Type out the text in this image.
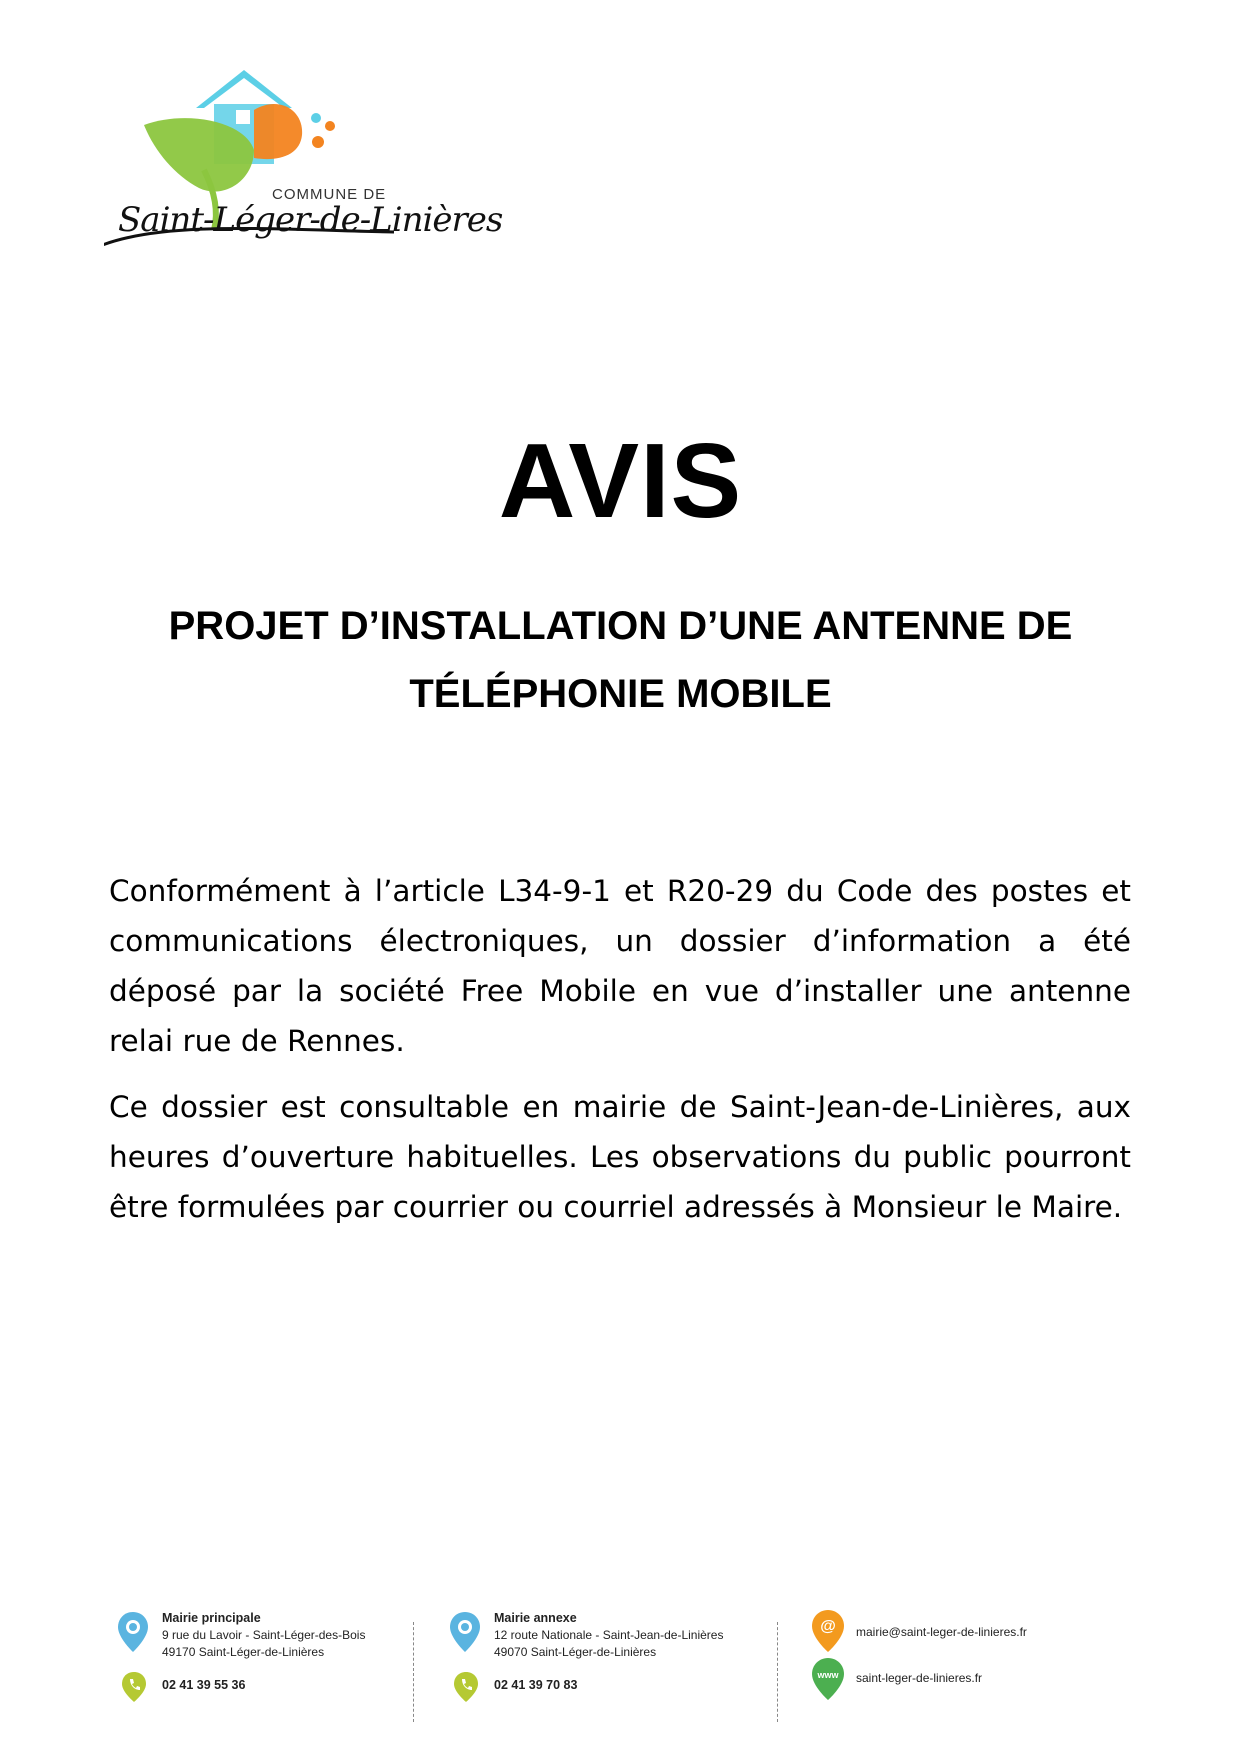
COMMUNE DE
Saint-Léger-de-Linières
AVIS
PROJET D’INSTALLATION D’UNE ANTENNE DE TÉLÉPHONIE MOBILE

Conformément à l’article L34-9-1 et R20-29 du Code des postes et communications électroniques, un dossier d’information a été déposé par la société Free Mobile en vue d’installer une antenne relai rue de Rennes.

Ce dossier est consultable en mairie de Saint-Jean-de-Linières, aux heures d’ouverture habituelles. Les observations du public pourront être formulées par courrier ou courriel adressés à Monsieur le Maire.

Mairie principale
9 rue du Lavoir - Saint-Léger-des-Bois
49170 Saint-Léger-de-Linières
02 41 39 55 36
Mairie annexe
12 route Nationale - Saint-Jean-de-Linières
49070 Saint-Léger-de-Linières
02 41 39 70 83
@ mairie@saint-leger-de-linieres.fr
www saint-leger-de-linieres.fr
